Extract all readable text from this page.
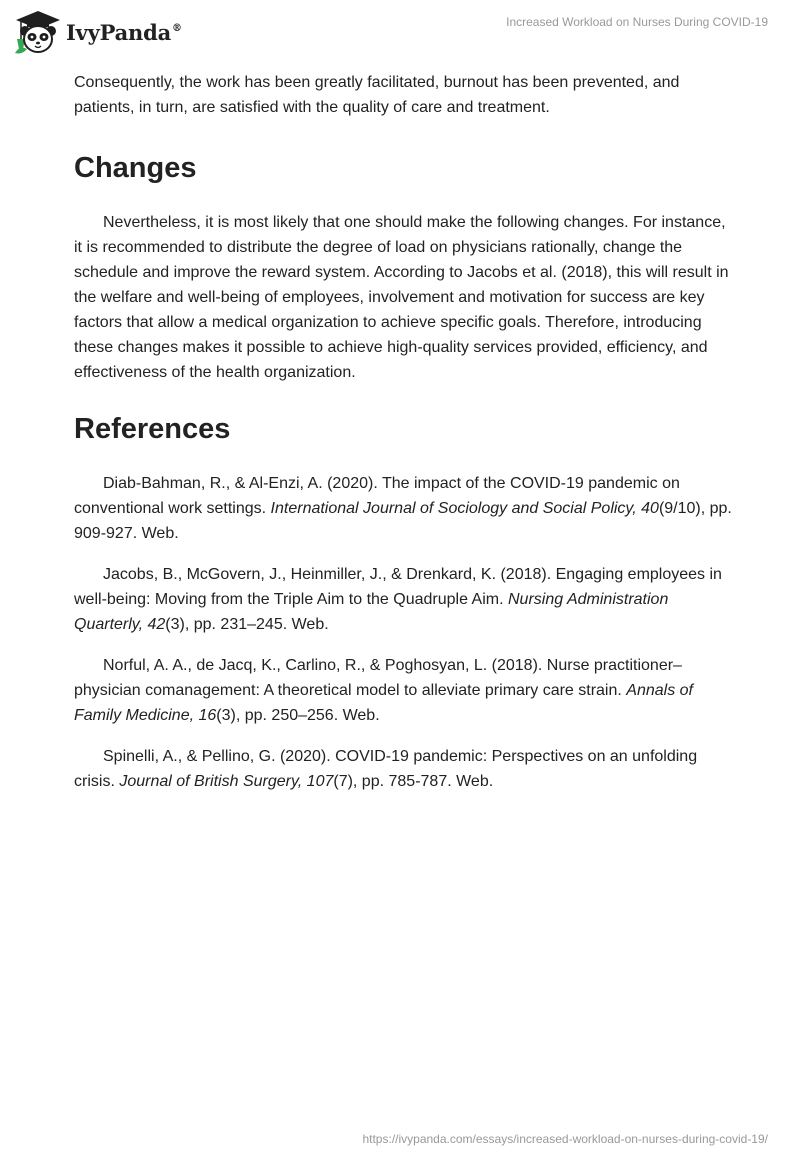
IvyPanda®	Increased Workload on Nurses During COVID-19

Consequently, the work has been greatly facilitated, burnout has been prevented, and patients, in turn, are satisfied with the quality of care and treatment.

Changes

Nevertheless, it is most likely that one should make the following changes. For instance, it is recommended to distribute the degree of load on physicians rationally, change the schedule and improve the reward system. According to Jacobs et al. (2018), this will result in the welfare and well-being of employees, involvement and motivation for success are key factors that allow a medical organization to achieve specific goals. Therefore, introducing these changes makes it possible to achieve high-quality services provided, efficiency, and effectiveness of the health organization.

References

Diab-Bahman, R., & Al-Enzi, A. (2020). The impact of the COVID-19 pandemic on conventional work settings. International Journal of Sociology and Social Policy, 40(9/10), pp. 909-927. Web.

Jacobs, B., McGovern, J., Heinmiller, J., & Drenkard, K. (2018). Engaging employees in well-being: Moving from the Triple Aim to the Quadruple Aim. Nursing Administration Quarterly, 42(3), pp. 231–245. Web.

Norful, A. A., de Jacq, K., Carlino, R., & Poghosyan, L. (2018). Nurse practitioner–physician comanagement: A theoretical model to alleviate primary care strain. Annals of Family Medicine, 16(3), pp. 250–256. Web.

Spinelli, A., & Pellino, G. (2020). COVID-19 pandemic: Perspectives on an unfolding crisis. Journal of British Surgery, 107(7), pp. 785-787. Web.

https://ivypanda.com/essays/increased-workload-on-nurses-during-covid-19/
